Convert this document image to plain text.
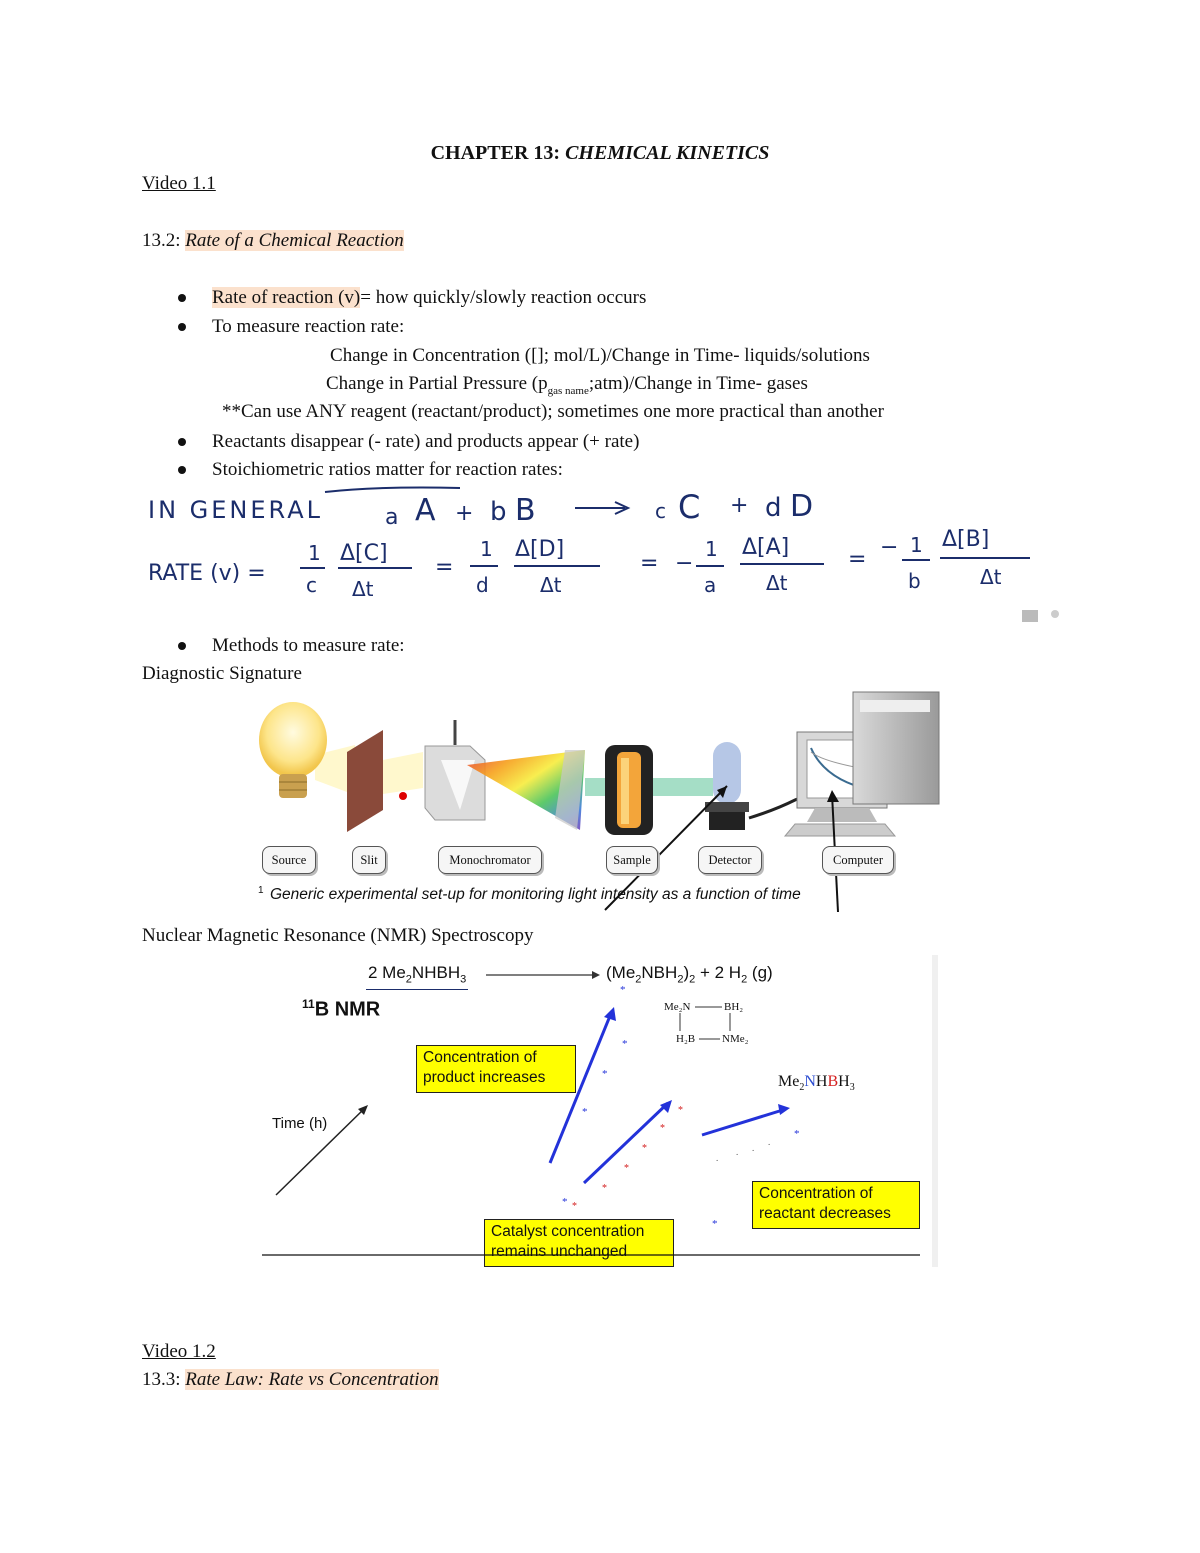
CHAPTER 13: CHEMICAL KINETICS
Video 1.1
13.2: Rate of a Chemical Reaction
Rate of reaction (v)= how quickly/slowly reaction occurs
To measure reaction rate:
Change in Concentration ([]; mol/L)/Change in Time- liquids/solutions
Change in Partial Pressure $(p_{gas name};atm)$/Change in Time- gases
**Can use ANY reagent (reactant/product); sometimes one more practical than another
Reactants disappear (- rate) and products appear (+ rate)
Stoichiometric ratios matter for reaction rates:
IN GENERAL	a A + b B	c C + d D
RATE (v) =
1
c
Δ[C]
Δt
=
1
d
Δ[D]
Δt
= −
1
a
Δ[A]
Δt
= − 1
b
Δ[B]
Δt
Methods to measure rate:
Diagnostic Signature
Source	Slit	Monochromator	Sample	Detector	Computer
1 Generic experimental set-up for monitoring light intensity as a function of time
Nuclear Magnetic Resonance (NMR) Spectroscopy
2 $Me_2NHBH_3$	$(Me_2NBH_2)_2 + 2$ $H_2$ (g)
$^{11}$B NMR	Me₂N	BH₂
H₂B NMe₂
Concentration of
product increases	$Me_2NHBH_3$
Time (h)
Concentration of
reactant decreases
Catalyst concentration
remains unchanged
*
*
*
*
*
*
*
*
*
*
*
*
*
.
. .
.
Video 1.2
13.3: Rate Law: Rate vs Concentration
